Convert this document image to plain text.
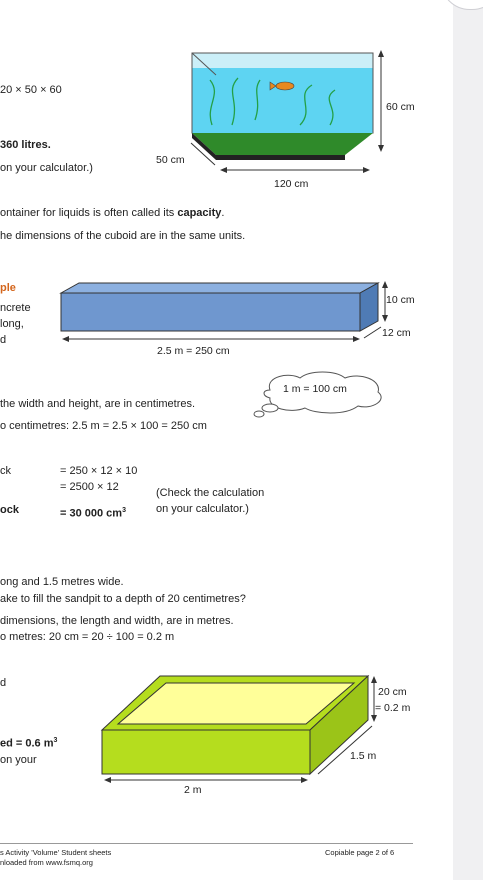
20 × 50 × 60
360 litres.
on your calculator.)
60 cm
50 cm
120 cm
ontainer for liquids is often called its capacity.
he dimensions of the cuboid are in the same units.
ple
ncrete
long,
d
10 cm
12 cm
2.5 m = 250 cm
1 m = 100 cm
the width and height, are in centimetres.
o centimetres: 2.5 m = 2.5 × 100 = 250 cm
ck	= 250 × 12 × 10
= 2500 × 12
ock	= 30 000 $cm^3$
(Check the calculation
on your calculator.)
ong and 1.5 metres wide.
ake to fill the sandpit to a depth of 20 centimetres?
dimensions, the length and width, are in metres.
o metres: 20 cm = 20 ÷ 100 = 0.2 m
d
ed = 0.6 $m^3$
on your
20 cm
= 0.2 m
1.5 m
2 m
s Activity 'Volume' Student sheets
nloaded from www.fsmq.org
Copiable page 2 of 6
